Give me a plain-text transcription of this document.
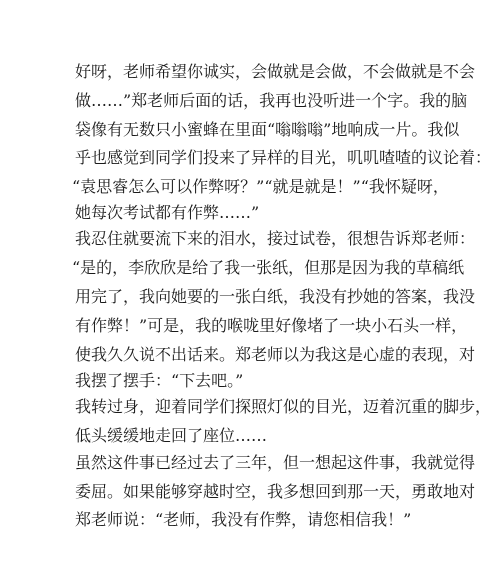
好呀，老师希望你诚实，会做就是会做，不会做就是不会
做……”郑老师后面的话，我再也没听进一个字。我的脑
袋像有无数只小蜜蜂在里面“嗡嗡嗡”地响成一片。我似
乎也感觉到同学们投来了异样的目光，叽叽喳喳的议论着：
“袁思睿怎么可以作弊呀？”“就是就是！”“我怀疑呀，
她每次考试都有作弊……”
我忍住就要流下来的泪水，接过试卷，很想告诉郑老师：
“是的，李欣欣是给了我一张纸，但那是因为我的草稿纸
用完了，我向她要的一张白纸，我没有抄她的答案，我没
有作弊！”可是，我的喉咙里好像堵了一块小石头一样，
使我久久说不出话来。郑老师以为我这是心虚的表现，对
我摆了摆手：“下去吧。”
我转过身，迎着同学们探照灯似的目光，迈着沉重的脚步，
低头缓缓地走回了座位……
虽然这件事已经过去了三年，但一想起这件事，我就觉得
委屈。如果能够穿越时空，我多想回到那一天，勇敢地对
郑老师说：“老师，我没有作弊，请您相信我！”
